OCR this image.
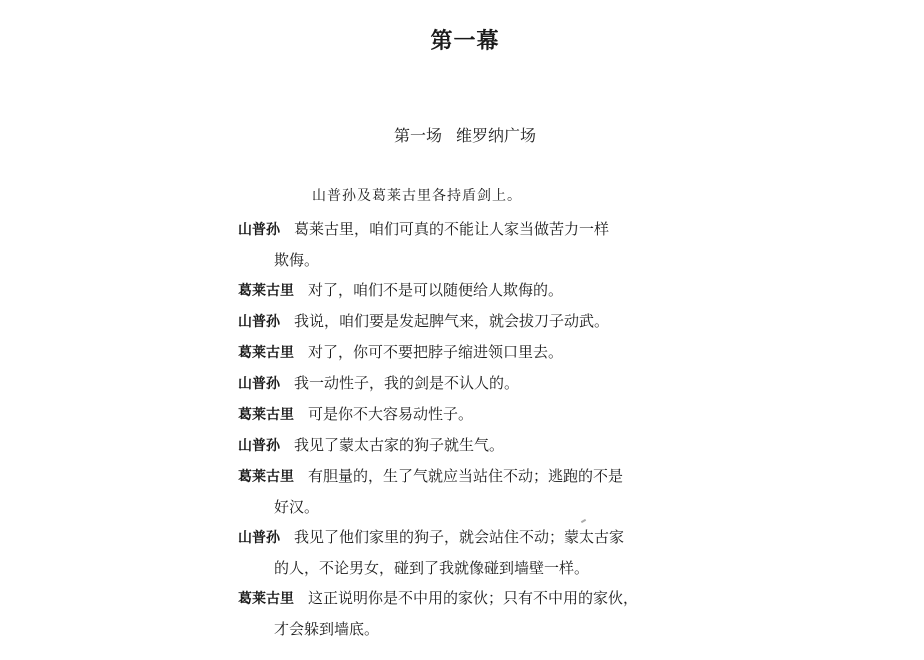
第一幕
第一场 维罗纳广场
山普孙及葛莱古里各持盾剑上。
山普孙 葛莱古里，咱们可真的不能让人家当做苦力一样
欺侮。
葛莱古里 对了，咱们不是可以随便给人欺侮的。
山普孙 我说，咱们要是发起脾气来，就会拔刀子动武。
葛莱古里 对了，你可不要把脖子缩进领口里去。
山普孙 我一动性子，我的剑是不认人的。
葛莱古里 可是你不大容易动性子。
山普孙 我见了蒙太古家的狗子就生气。
葛莱古里 有胆量的，生了气就应当站住不动；逃跑的不是
好汉。
山普孙 我见了他们家里的狗子，就会站住不动；蒙太古家
的人，不论男女，碰到了我就像碰到墙壁一样。
葛莱古里 这正说明你是不中用的家伙；只有不中用的家伙，
才会躲到墙底。
